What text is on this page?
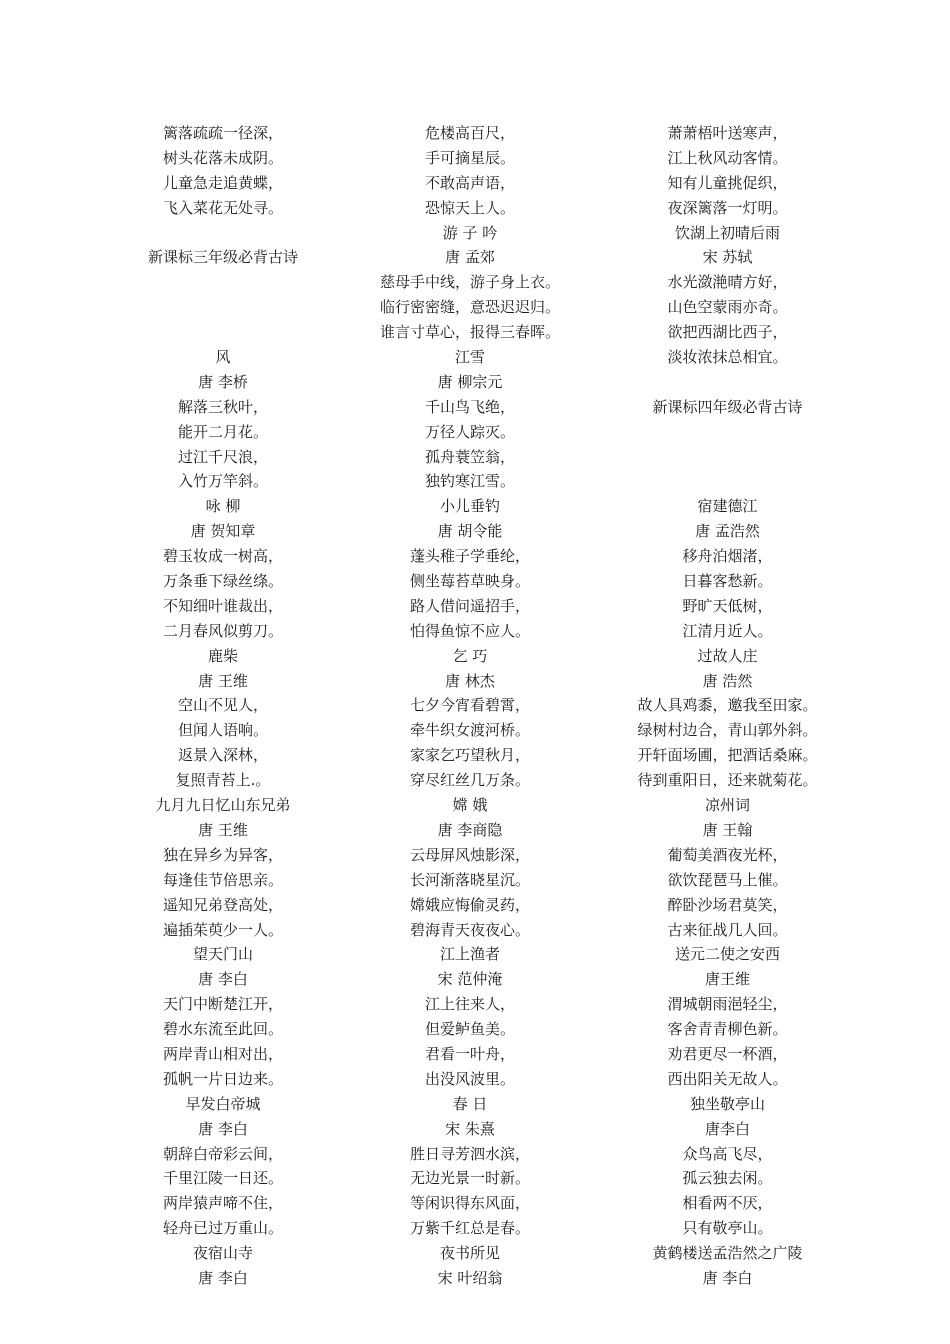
篱落疏疏一径深，
树头花落未成阴。
儿童急走追黄蝶，
飞入菜花无处寻。
新课标三年级必背古诗
风
唐 李桥
解落三秋叶，
能开二月花。
过江千尺浪，
入竹万竿斜。
咏 柳
唐 贺知章
碧玉妆成一树高，
万条垂下绿丝绦。
不知细叶谁裁出，
二月春风似剪刀。
鹿柴
唐 王维
空山不见人，
但闻人语响。
返景入深林，
复照青苔上.。
九月九日忆山东兄弟
唐 王维
独在异乡为异客，
每逢佳节倍思亲。
遥知兄弟登高处，
遍插茱萸少一人。
望天门山
唐 李白
天门中断楚江开，
碧水东流至此回。
两岸青山相对出，
孤帆一片日边来。
早发白帝城
唐 李白
朝辞白帝彩云间，
千里江陵一日还。
两岸猿声啼不住，
轻舟已过万重山。
夜宿山寺
唐 李白
危楼高百尺，
手可摘星辰。
不敢高声语，
恐惊天上人。
游 子 吟
唐 孟郊
慈母手中线，游子身上衣。
临行密密缝，意恐迟迟归。
谁言寸草心，报得三春晖。
江雪
唐 柳宗元
千山鸟飞绝，
万径人踪灭。
孤舟蓑笠翁，
独钓寒江雪。
小儿垂钓
唐 胡令能
蓬头稚子学垂纶，
侧坐莓苔草映身。
路人借问遥招手，
怕得鱼惊不应人。
乞 巧
唐 林杰
七夕今宵看碧霄，
牵牛织女渡河桥。
家家乞巧望秋月，
穿尽红丝几万条。
嫦 娥
唐 李商隐
云母屏风烛影深，
长河渐落晓星沉。
嫦娥应悔偷灵药，
碧海青天夜夜心。
江上渔者
宋 范仲淹
江上往来人，
但爱鲈鱼美。
君看一叶舟，
出没风波里。
春 日
宋 朱熹
胜日寻芳泗水滨，
无边光景一时新。
等闲识得东风面，
万紫千红总是春。
夜书所见
宋 叶绍翁
萧萧梧叶送寒声，
江上秋风动客情。
知有儿童挑促织，
夜深篱落一灯明。
饮湖上初晴后雨
宋 苏轼
水光潋滟晴方好，
山色空蒙雨亦奇。
欲把西湖比西子，
淡妆浓抹总相宜。
新课标四年级必背古诗
宿建德江
唐 孟浩然
移舟泊烟渚，
日暮客愁新。
野旷天低树，
江清月近人。
过故人庄
唐 浩然
故人具鸡黍，邀我至田家。
绿树村边合，青山郭外斜。
开轩面场圃，把酒话桑麻。
待到重阳日，还来就菊花。
凉州词
唐 王翰
葡萄美酒夜光杯，
欲饮琵琶马上催。
醉卧沙场君莫笑，
古来征战几人回。
送元二使之安西
唐王维
渭城朝雨浥轻尘，
客舍青青柳色新。
劝君更尽一杯酒，
西出阳关无故人。
独坐敬亭山
唐李白
众鸟高飞尽，
孤云独去闲。
相看两不厌，
只有敬亭山。
黄鹤楼送孟浩然之广陵
唐 李白
